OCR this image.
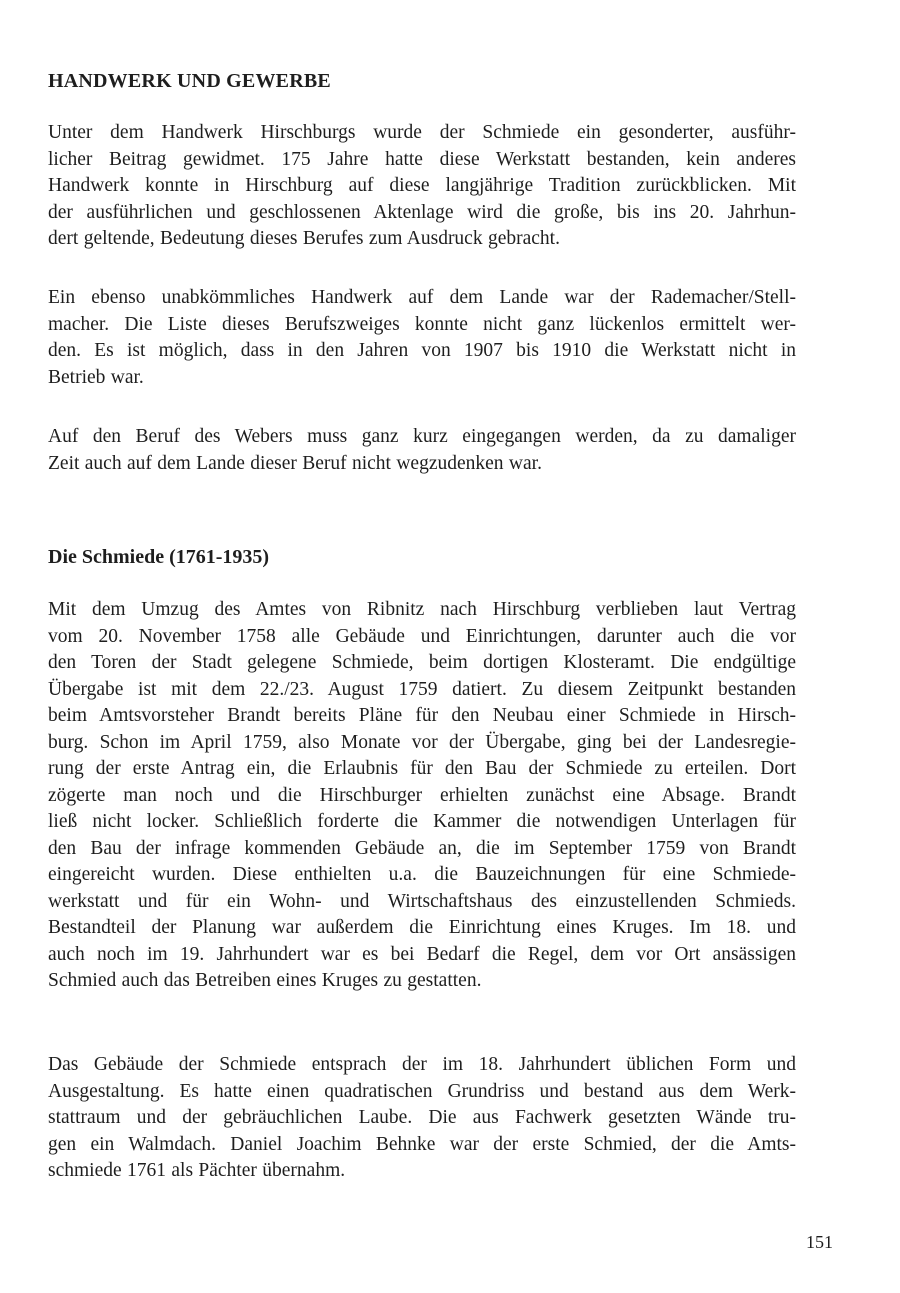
HANDWERK UND GEWERBE

Unter dem Handwerk Hirschburgs wurde der Schmiede ein gesonderter, ausführ-
licher Beitrag gewidmet. 175 Jahre hatte diese Werkstatt bestanden, kein anderes
Handwerk konnte in Hirschburg auf diese langjährige Tradition zurückblicken. Mit
der ausführlichen und geschlossenen Aktenlage wird die große, bis ins 20. Jahrhun-
dert geltende, Bedeutung dieses Berufes zum Ausdruck gebracht.

Ein ebenso unabkömmliches Handwerk auf dem Lande war der Rademacher/Stell-
macher. Die Liste dieses Berufszweiges konnte nicht ganz lückenlos ermittelt wer-
den. Es ist möglich, dass in den Jahren von 1907 bis 1910 die Werkstatt nicht in
Betrieb war.

Auf den Beruf des Webers muss ganz kurz eingegangen werden, da zu damaliger
Zeit auch auf dem Lande dieser Beruf nicht wegzudenken war.

Die Schmiede (1761-1935)

Mit dem Umzug des Amtes von Ribnitz nach Hirschburg verblieben laut Vertrag
vom 20. November 1758 alle Gebäude und Einrichtungen, darunter auch die vor
den Toren der Stadt gelegene Schmiede, beim dortigen Klosteramt. Die endgültige
Übergabe ist mit dem 22./23. August 1759 datiert. Zu diesem Zeitpunkt bestanden
beim Amtsvorsteher Brandt bereits Pläne für den Neubau einer Schmiede in Hirsch-
burg. Schon im April 1759, also Monate vor der Übergabe, ging bei der Landesregie-
rung der erste Antrag ein, die Erlaubnis für den Bau der Schmiede zu erteilen. Dort
zögerte man noch und die Hirschburger erhielten zunächst eine Absage. Brandt
ließ nicht locker. Schließlich forderte die Kammer die notwendigen Unterlagen für
den Bau der infrage kommenden Gebäude an, die im September 1759 von Brandt
eingereicht wurden. Diese enthielten u.a. die Bauzeichnungen für eine Schmiede-
werkstatt und für ein Wohn- und Wirtschaftshaus des einzustellenden Schmieds.
Bestandteil der Planung war außerdem die Einrichtung eines Kruges. Im 18. und
auch noch im 19. Jahrhundert war es bei Bedarf die Regel, dem vor Ort ansässigen
Schmied auch das Betreiben eines Kruges zu gestatten.

Das Gebäude der Schmiede entsprach der im 18. Jahrhundert üblichen Form und
Ausgestaltung. Es hatte einen quadratischen Grundriss und bestand aus dem Werk-
stattraum und der gebräuchlichen Laube. Die aus Fachwerk gesetzten Wände tru-
gen ein Walmdach. Daniel Joachim Behnke war der erste Schmied, der die Amts-
schmiede 1761 als Pächter übernahm.

151
